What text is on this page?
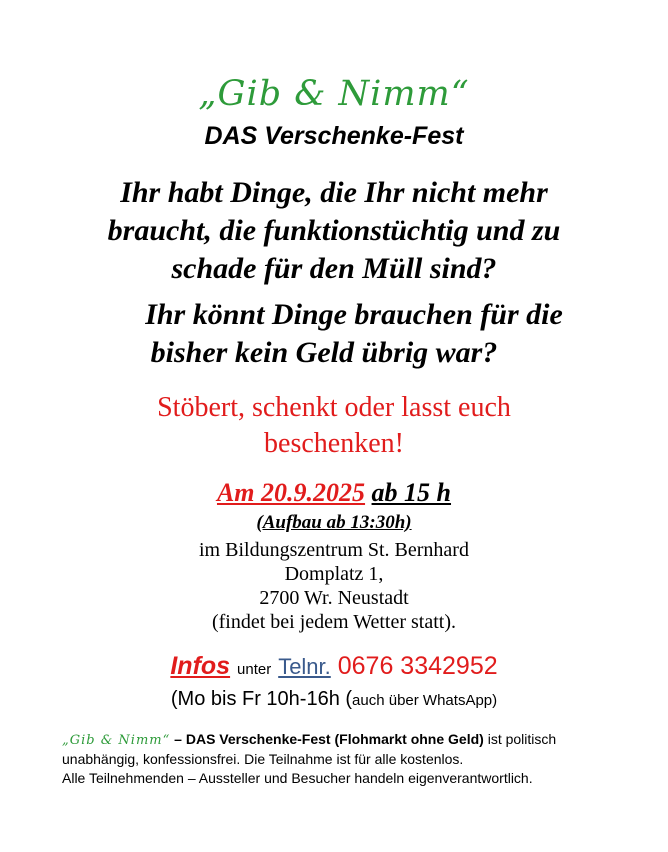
„Gib & Nimm“
DAS Verschenke-Fest
Ihr habt Dinge, die Ihr nicht mehr
braucht, die funktionstüchtig und zu
schade für den Müll sind?
Ihr könnt Dinge brauchen für die
bisher kein Geld übrig war?
Stöbert, schenkt oder lasst euch
beschenken!
Am 20.9.2025 ab 15 h
(Aufbau ab 13:30h)
im Bildungszentrum St. Bernhard
Domplatz 1,
2700 Wr. Neustadt
(findet bei jedem Wetter statt).
Infos unter Telnr. 0676 3342952
(Mo bis Fr 10h-16h (auch über WhatsApp)
„Gib & Nimm“ – DAS Verschenke-Fest (Flohmarkt ohne Geld) ist politisch unabhängig, konfessionsfrei. Die Teilnahme ist für alle kostenlos.
Alle Teilnehmenden – Aussteller und Besucher handeln eigenverantwortlich.
